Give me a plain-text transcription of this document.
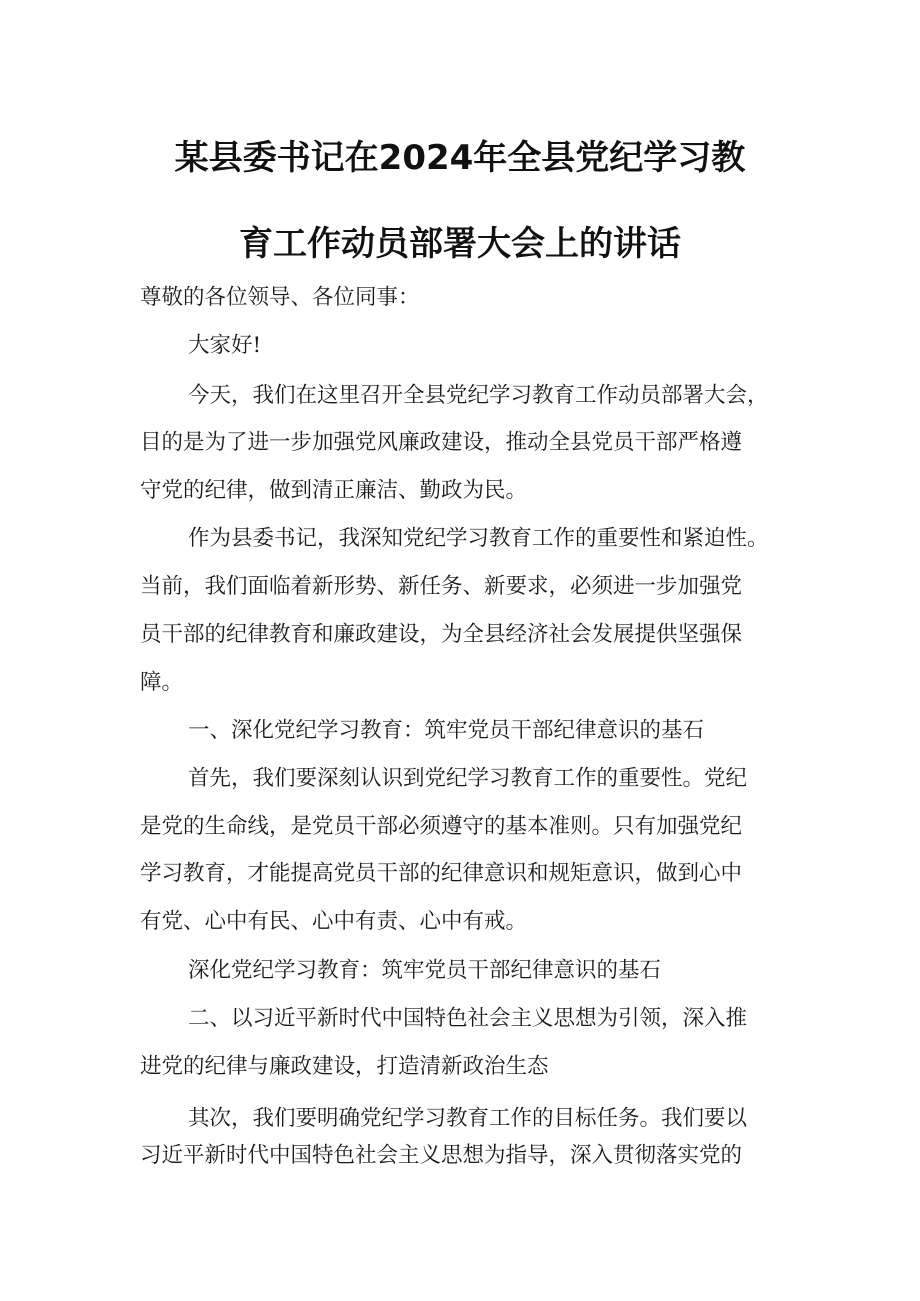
某县委书记在2024年全县党纪学习教
育工作动员部署大会上的讲话
尊敬的各位领导、各位同事：
大家好!
今天，我们在这里召开全县党纪学习教育工作动员部署大会，
目的是为了进一步加强党风廉政建设，推动全县党员干部严格遵
守党的纪律，做到清正廉洁、勤政为民。
作为县委书记，我深知党纪学习教育工作的重要性和紧迫性。
当前，我们面临着新形势、新任务、新要求，必须进一步加强党
员干部的纪律教育和廉政建设，为全县经济社会发展提供坚强保
障。
一、深化党纪学习教育：筑牢党员干部纪律意识的基石
首先，我们要深刻认识到党纪学习教育工作的重要性。党纪
是党的生命线，是党员干部必须遵守的基本准则。只有加强党纪
学习教育，才能提高党员干部的纪律意识和规矩意识，做到心中
有党、心中有民、心中有责、心中有戒。
深化党纪学习教育：筑牢党员干部纪律意识的基石
二、以习近平新时代中国特色社会主义思想为引领，深入推
进党的纪律与廉政建设，打造清新政治生态
其次，我们要明确党纪学习教育工作的目标任务。我们要以
习近平新时代中国特色社会主义思想为指导，深入贯彻落实党的
